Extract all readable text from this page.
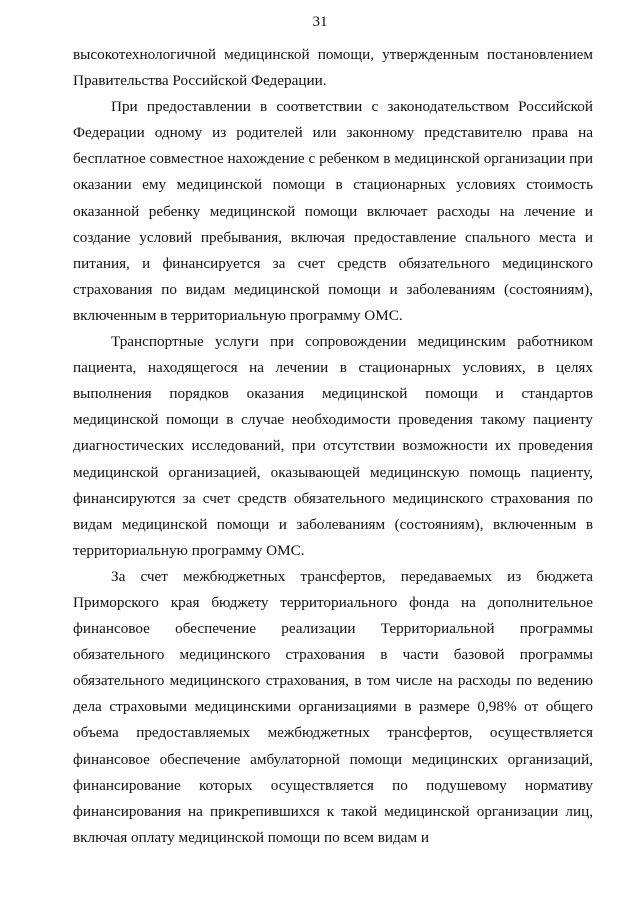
31

высокотехнологичной медицинской помощи, утвержденным постановлением Правительства Российской Федерации.

При предоставлении в соответствии с законодательством Российской Федерации одному из родителей или законному представителю права на бесплатное совместное нахождение с ребенком в медицинской организации при оказании ему медицинской помощи в стационарных условиях стоимость оказанной ребенку медицинской помощи включает расходы на лечение и создание условий пребывания, включая предоставление спального места и питания, и финансируется за счет средств обязательного медицинского страхования по видам медицинской помощи и заболеваниям (состояниям), включенным в территориальную программу ОМС.

Транспортные услуги при сопровождении медицинским работником пациента, находящегося на лечении в стационарных условиях, в целях выполнения порядков оказания медицинской помощи и стандартов медицинской помощи в случае необходимости проведения такому пациенту диагностических исследований, при отсутствии возможности их проведения медицинской организацией, оказывающей медицинскую помощь пациенту, финансируются за счет средств обязательного медицинского страхования по видам медицинской помощи и заболеваниям (состояниям), включенным в территориальную программу ОМС.

За счет межбюджетных трансфертов, передаваемых из бюджета Приморского края бюджету территориального фонда на дополнительное финансовое обеспечение реализации Территориальной программы обязательного медицинского страхования в части базовой программы обязательного медицинского страхования, в том числе на расходы по ведению дела страховыми медицинскими организациями в размере 0,98% от общего объема предоставляемых межбюджетных трансфертов, осуществляется финансовое обеспечение амбулаторной помощи медицинских организаций, финансирование которых осуществляется по подушевому нормативу финансирования на прикрепившихся к такой медицинской организации лиц, включая оплату медицинской помощи по всем видам и
